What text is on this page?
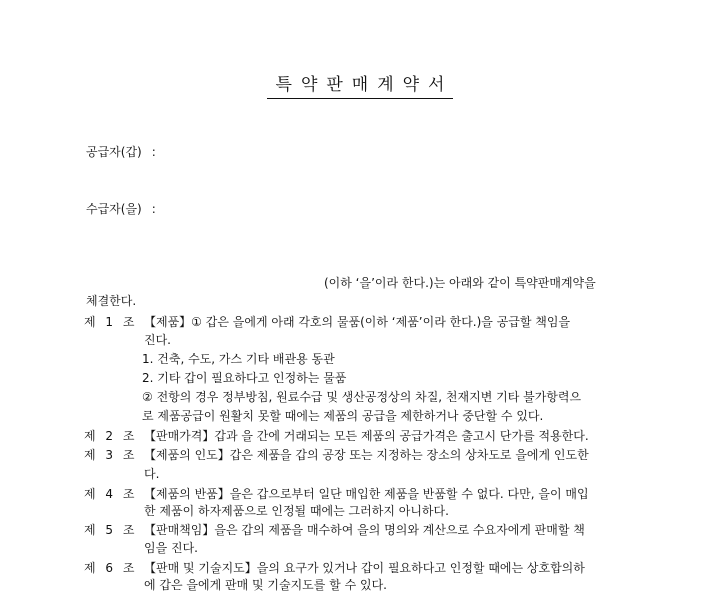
특약판매계약서
공급자(갑) :
수급자(을) :
(이하 ‘을’이라 한다.)는 아래와 같이 특약판매계약을
체결한다.
제 1 조 【제품】① 갑은 을에게 아래 각호의 물품(이하 ‘제품’이라 한다.)을 공급할 책임을
진다.
1. 건축, 수도, 가스 기타 배관용 동관
2. 기타 갑이 필요하다고 인정하는 물품
② 전항의 경우 정부방침, 원료수급 및 생산공정상의 차질, 천재지변 기타 불가항력으
로 제품공급이 원활치 못할 때에는 제품의 공급을 제한하거나 중단할 수 있다.
제 2 조 【판매가격】갑과 을 간에 거래되는 모든 제품의 공급가격은 출고시 단가를 적용한다.
제 3 조 【제품의 인도】갑은 제품을 갑의 공장 또는 지정하는 장소의 상차도로 을에게 인도한
다.
제 4 조 【제품의 반품】을은 갑으로부터 일단 매입한 제품을 반품할 수 없다. 다만, 을이 매입
한 제품이 하자제품으로 인정될 때에는 그러하지 아니하다.
제 5 조 【판매책임】을은 갑의 제품을 매수하여 을의 명의와 계산으로 수요자에게 판매할 책
임을 진다.
제 6 조 【판매 및 기술지도】을의 요구가 있거나 갑이 필요하다고 인정할 때에는 상호합의하
에 갑은 을에게 판매 및 기술지도를 할 수 있다.
